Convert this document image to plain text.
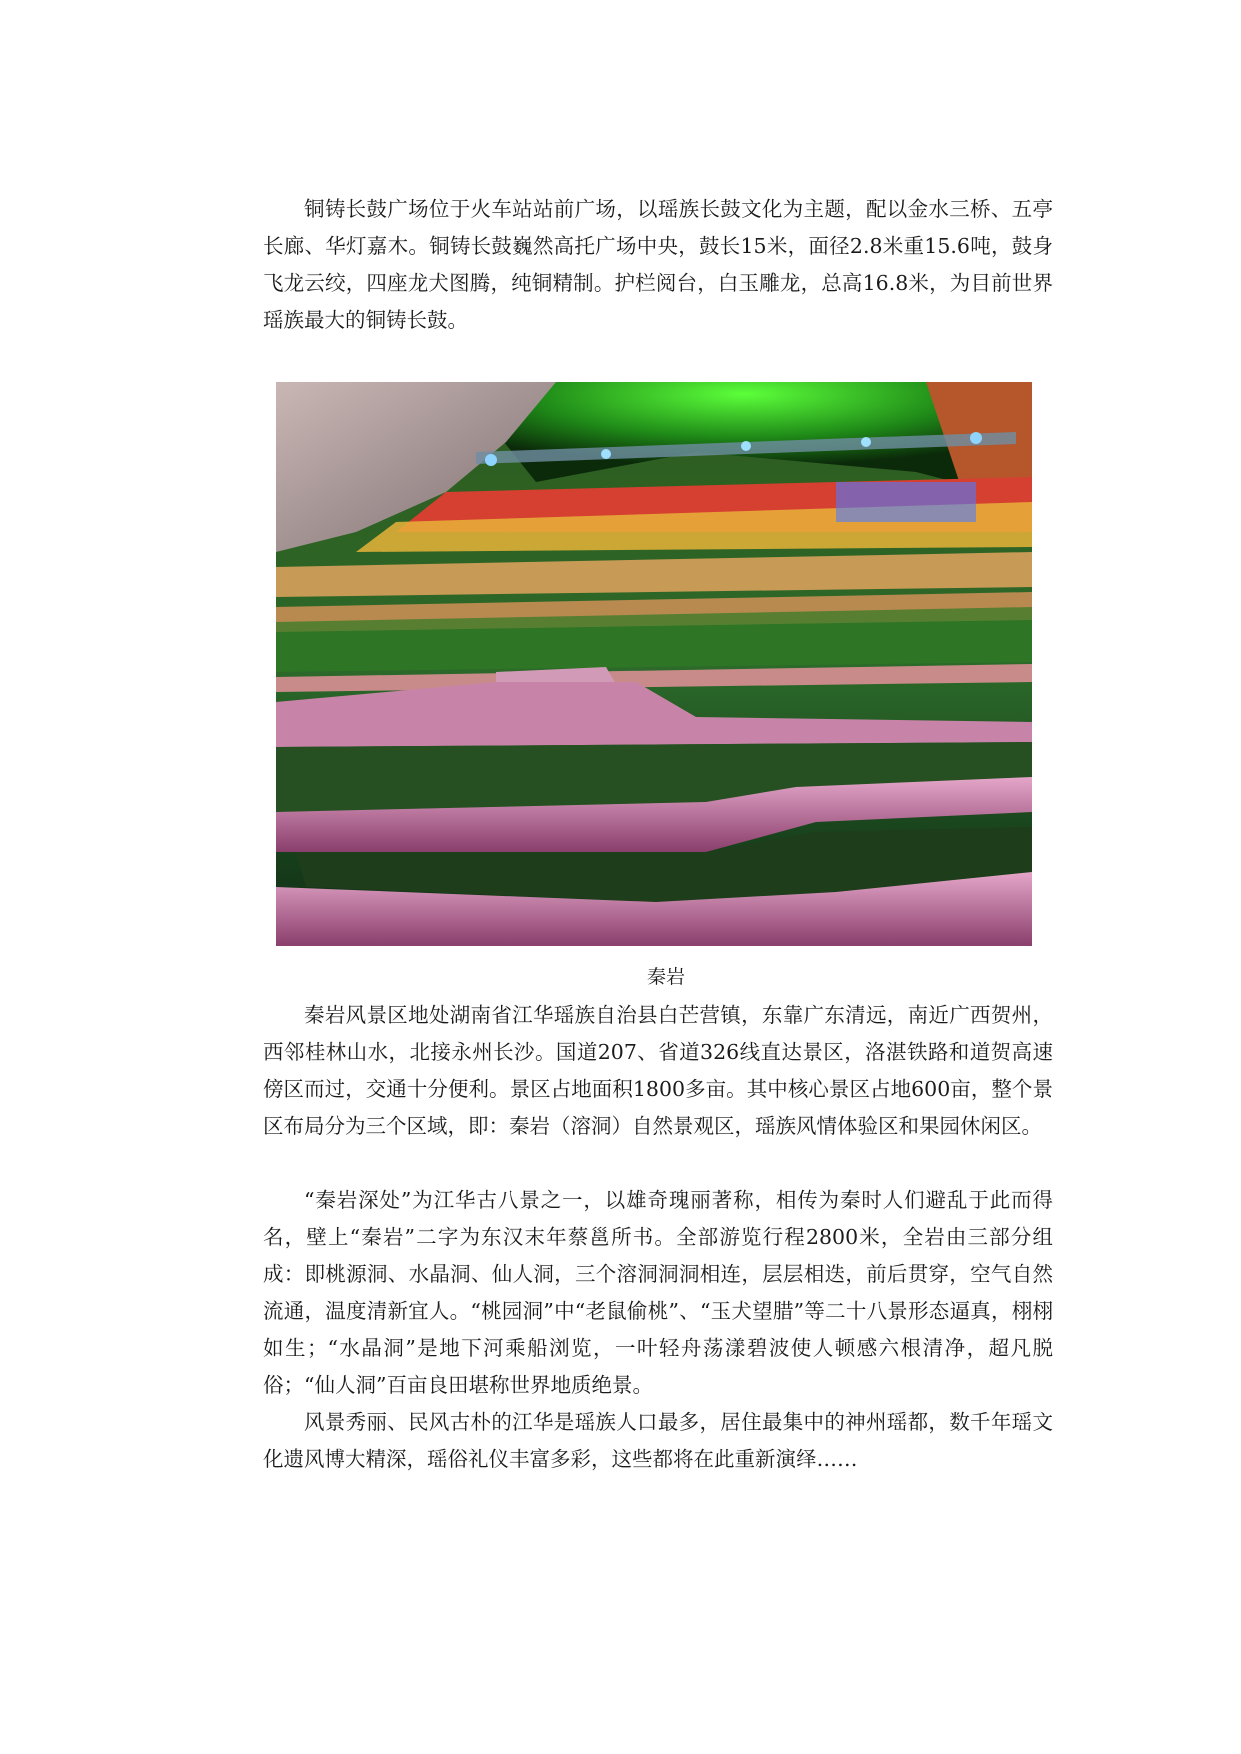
铜铸长鼓广场位于火车站站前广场，以瑶族长鼓文化为主题，配以金水三桥、五亭长廊、华灯嘉木。铜铸长鼓巍然高托广场中央，鼓长15米，面径2.8米重15.6吨，鼓身飞龙云绞，四座龙犬图腾，纯铜精制。护栏阅台，白玉雕龙，总高16.8米，为目前世界瑶族最大的铜铸长鼓。

秦岩

秦岩风景区地处湖南省江华瑶族自治县白芒营镇，东靠广东清远，南近广西贺州，西邻桂林山水，北接永州长沙。国道207、省道326线直达景区，洛湛铁路和道贺高速傍区而过，交通十分便利。景区占地面积1800多亩。其中核心景区占地600亩，整个景区布局分为三个区域，即：秦岩（溶洞）自然景观区，瑶族风情体验区和果园休闲区。

“秦岩深处”为江华古八景之一，以雄奇瑰丽著称，相传为秦时人们避乱于此而得名，壁上“秦岩”二字为东汉末年蔡邕所书。全部游览行程2800米，全岩由三部分组成：即桃源洞、水晶洞、仙人洞，三个溶洞洞洞相连，层层相迭，前后贯穿，空气自然流通，温度清新宜人。“桃园洞”中“老鼠偷桃”、“玉犬望腊”等二十八景形态逼真，栩栩如生；“水晶洞”是地下河乘船浏览，一叶轻舟荡漾碧波使人顿感六根清净，超凡脱俗；“仙人洞”百亩良田堪称世界地质绝景。

风景秀丽、民风古朴的江华是瑶族人口最多，居住最集中的神州瑶都，数千年瑶文化遗风博大精深，瑶俗礼仪丰富多彩，这些都将在此重新演绎……
